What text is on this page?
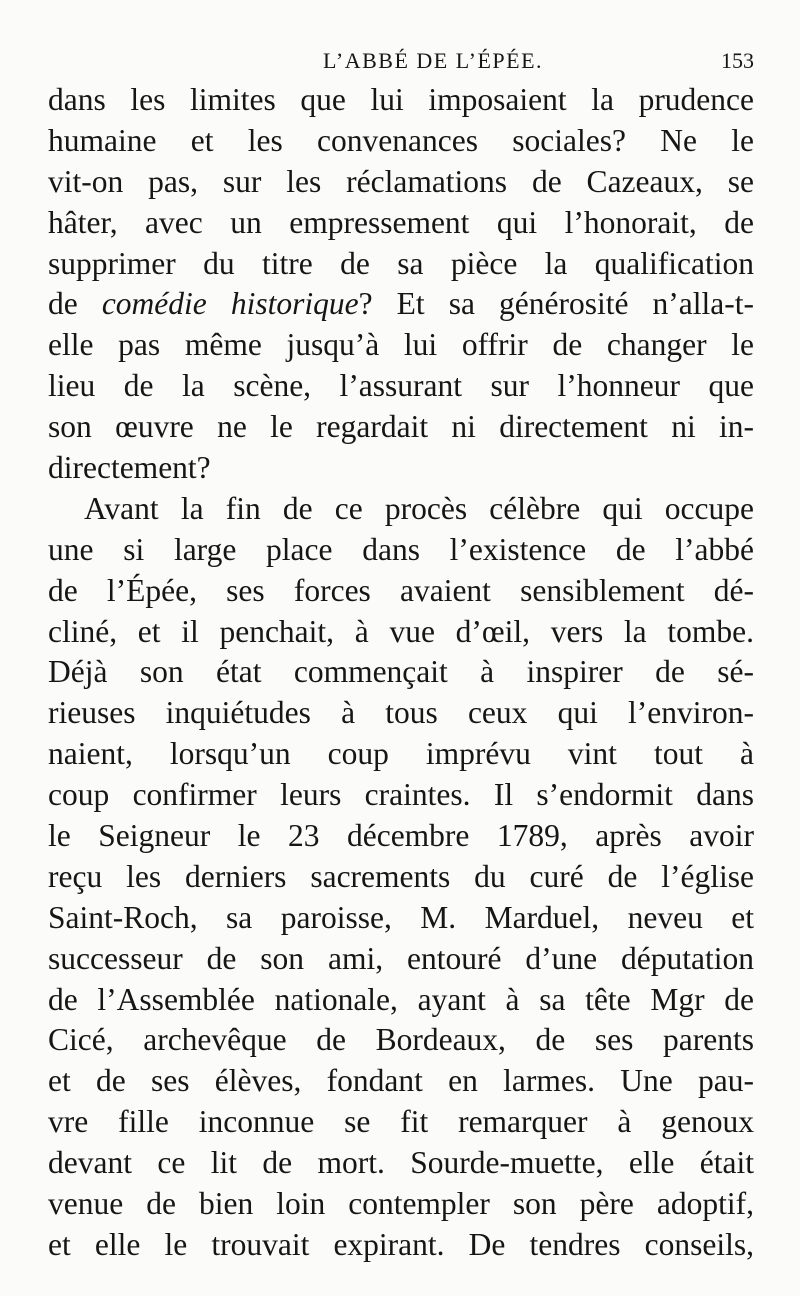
L’ABBÉ DE L’ÉPÉE.	153
dans les limites que lui imposaient la prudence
humaine et les convenances sociales? Ne le
vit-on pas, sur les réclamations de Cazeaux, se
hâter, avec un empressement qui l’honorait, de
supprimer du titre de sa pièce la qualification
de comédie historique? Et sa générosité n’alla-t-
elle pas même jusqu’à lui offrir de changer le
lieu de la scène, l’assurant sur l’honneur que
son œuvre ne le regardait ni directement ni in-
directement?
Avant la fin de ce procès célèbre qui occupe
une si large place dans l’existence de l’abbé
de l’Épée, ses forces avaient sensiblement dé-
cliné, et il penchait, à vue d’œil, vers la tombe.
Déjà son état commençait à inspirer de sé-
rieuses inquiétudes à tous ceux qui l’environ-
naient, lorsqu’un coup imprévu vint tout à
coup confirmer leurs craintes. Il s’endormit dans
le Seigneur le 23 décembre 1789, après avoir
reçu les derniers sacrements du curé de l’église
Saint-Roch, sa paroisse, M. Marduel, neveu et
successeur de son ami, entouré d’une députation
de l’Assemblée nationale, ayant à sa tête Mgr de
Cicé, archevêque de Bordeaux, de ses parents
et de ses élèves, fondant en larmes. Une pau-
vre fille inconnue se fit remarquer à genoux
devant ce lit de mort. Sourde-muette, elle était
venue de bien loin contempler son père adoptif,
et elle le trouvait expirant. De tendres conseils,
